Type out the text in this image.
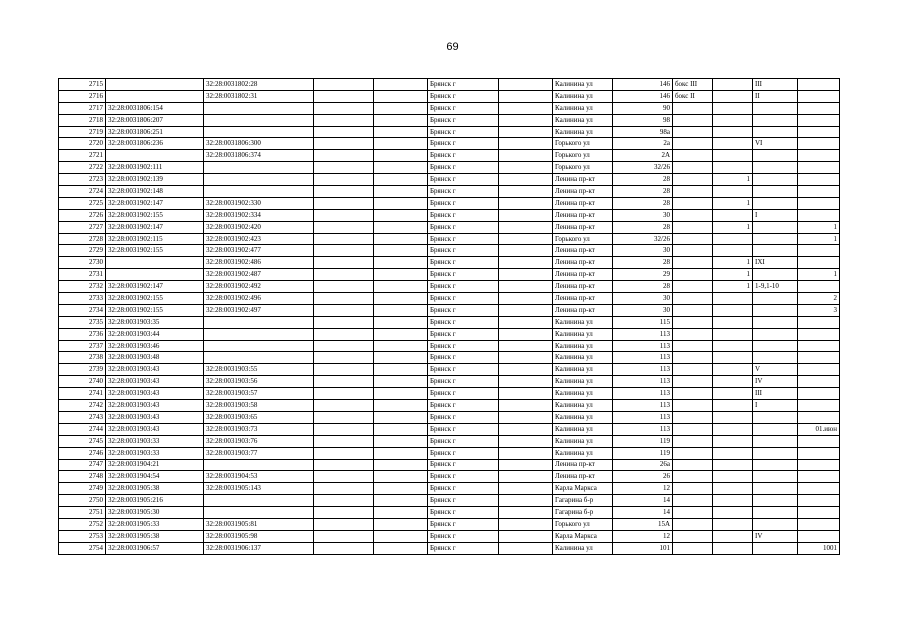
69
2715		32:28:0031802:28			Брянск г		Калинина ул	146	бокс III		III	
2716		32:28:0031802:31			Брянск г		Калинина ул	146	бокс II		II	
2717	32:28:0031806:154				Брянск г		Калинина ул	90				
2718	32:28:0031806:207				Брянск г		Калинина ул	98				
2719	32:28:0031806:251				Брянск г		Калинина ул	98а				
2720	32:28:0031806:236	32:28:0031806:300			Брянск г		Горького ул	2а			VI	
2721		32:28:0031806:374			Брянск г		Горького ул	2А				
2722	32:28:0031902:111				Брянск г		Горького ул	32/26				
2723	32:28:0031902:139				Брянск г		Ленина пр-кт	28		1		
2724	32:28:0031902:148				Брянск г		Ленина пр-кт	28				
2725	32:28:0031902:147	32:28:0031902:330			Брянск г		Ленина пр-кт	28		1		
2726	32:28:0031902:155	32:28:0031902:334			Брянск г		Ленина пр-кт	30			I	
2727	32:28:0031902:147	32:28:0031902:420			Брянск г		Ленина пр-кт	28		1		1
2728	32:28:0031902:115	32:28:0031902:423			Брянск г		Горького ул	32/26				1
2729	32:28:0031902:155	32:28:0031902:477			Брянск г		Ленина пр-кт	30				
2730		32:28:0031902:486			Брянск г		Ленина пр-кт	28		1	IXI	
2731		32:28:0031902:487			Брянск г		Ленина пр-кт	29		1		1
2732	32:28:0031902:147	32:28:0031902:492			Брянск г		Ленина пр-кт	28		1	1-9,1-10	
2733	32:28:0031902:155	32:28:0031902:496			Брянск г		Ленина пр-кт	30				2
2734	32:28:0031902:155	32:28:0031902:497			Брянск г		Ленина пр-кт	30				3
2735	32:28:0031903:35				Брянск г		Калинина ул	115				
2736	32:28:0031903:44				Брянск г		Калинина ул	113				
2737	32:28:0031903:46				Брянск г		Калинина ул	113				
2738	32:28:0031903:48				Брянск г		Калинина ул	113				
2739	32:28:0031903:43	32:28:0031903:55			Брянск г		Калинина ул	113			V	
2740	32:28:0031903:43	32:28:0031903:56			Брянск г		Калинина ул	113			IV	
2741	32:28:0031903:43	32:28:0031903:57			Брянск г		Калинина ул	113			III	
2742	32:28:0031903:43	32:28:0031903:58			Брянск г		Калинина ул	113			I	
2743	32:28:0031903:43	32:28:0031903:65			Брянск г		Калинина ул	113				
2744	32:28:0031903:43	32:28:0031903:73			Брянск г		Калинина ул	113				01.июн
2745	32:28:0031903:33	32:28:0031903:76			Брянск г		Калинина ул	119				
2746	32:28:0031903:33	32:28:0031903:77			Брянск г		Калинина ул	119				
2747	32:28:0031904:21				Брянск г		Ленина пр-кт	26а				
2748	32:28:0031904:54	32:28:0031904:53			Брянск г		Ленина пр-кт	26				
2749	32:28:0031905:38	32:28:0031905:143			Брянск г		Карла Маркса	12				
2750	32:28:0031905:216				Брянск г		Гагарина б-р	14				
2751	32:28:0031905:30				Брянск г		Гагарина б-р	14				
2752	32:28:0031905:33	32:28:0031905:81			Брянск г		Горького ул	15А				
2753	32:28:0031905:38	32:28:0031905:98			Брянск г		Карла Маркса	12			IV	
2754	32:28:0031906:57	32:28:0031906:137			Брянск г		Калинина ул	101				1001
